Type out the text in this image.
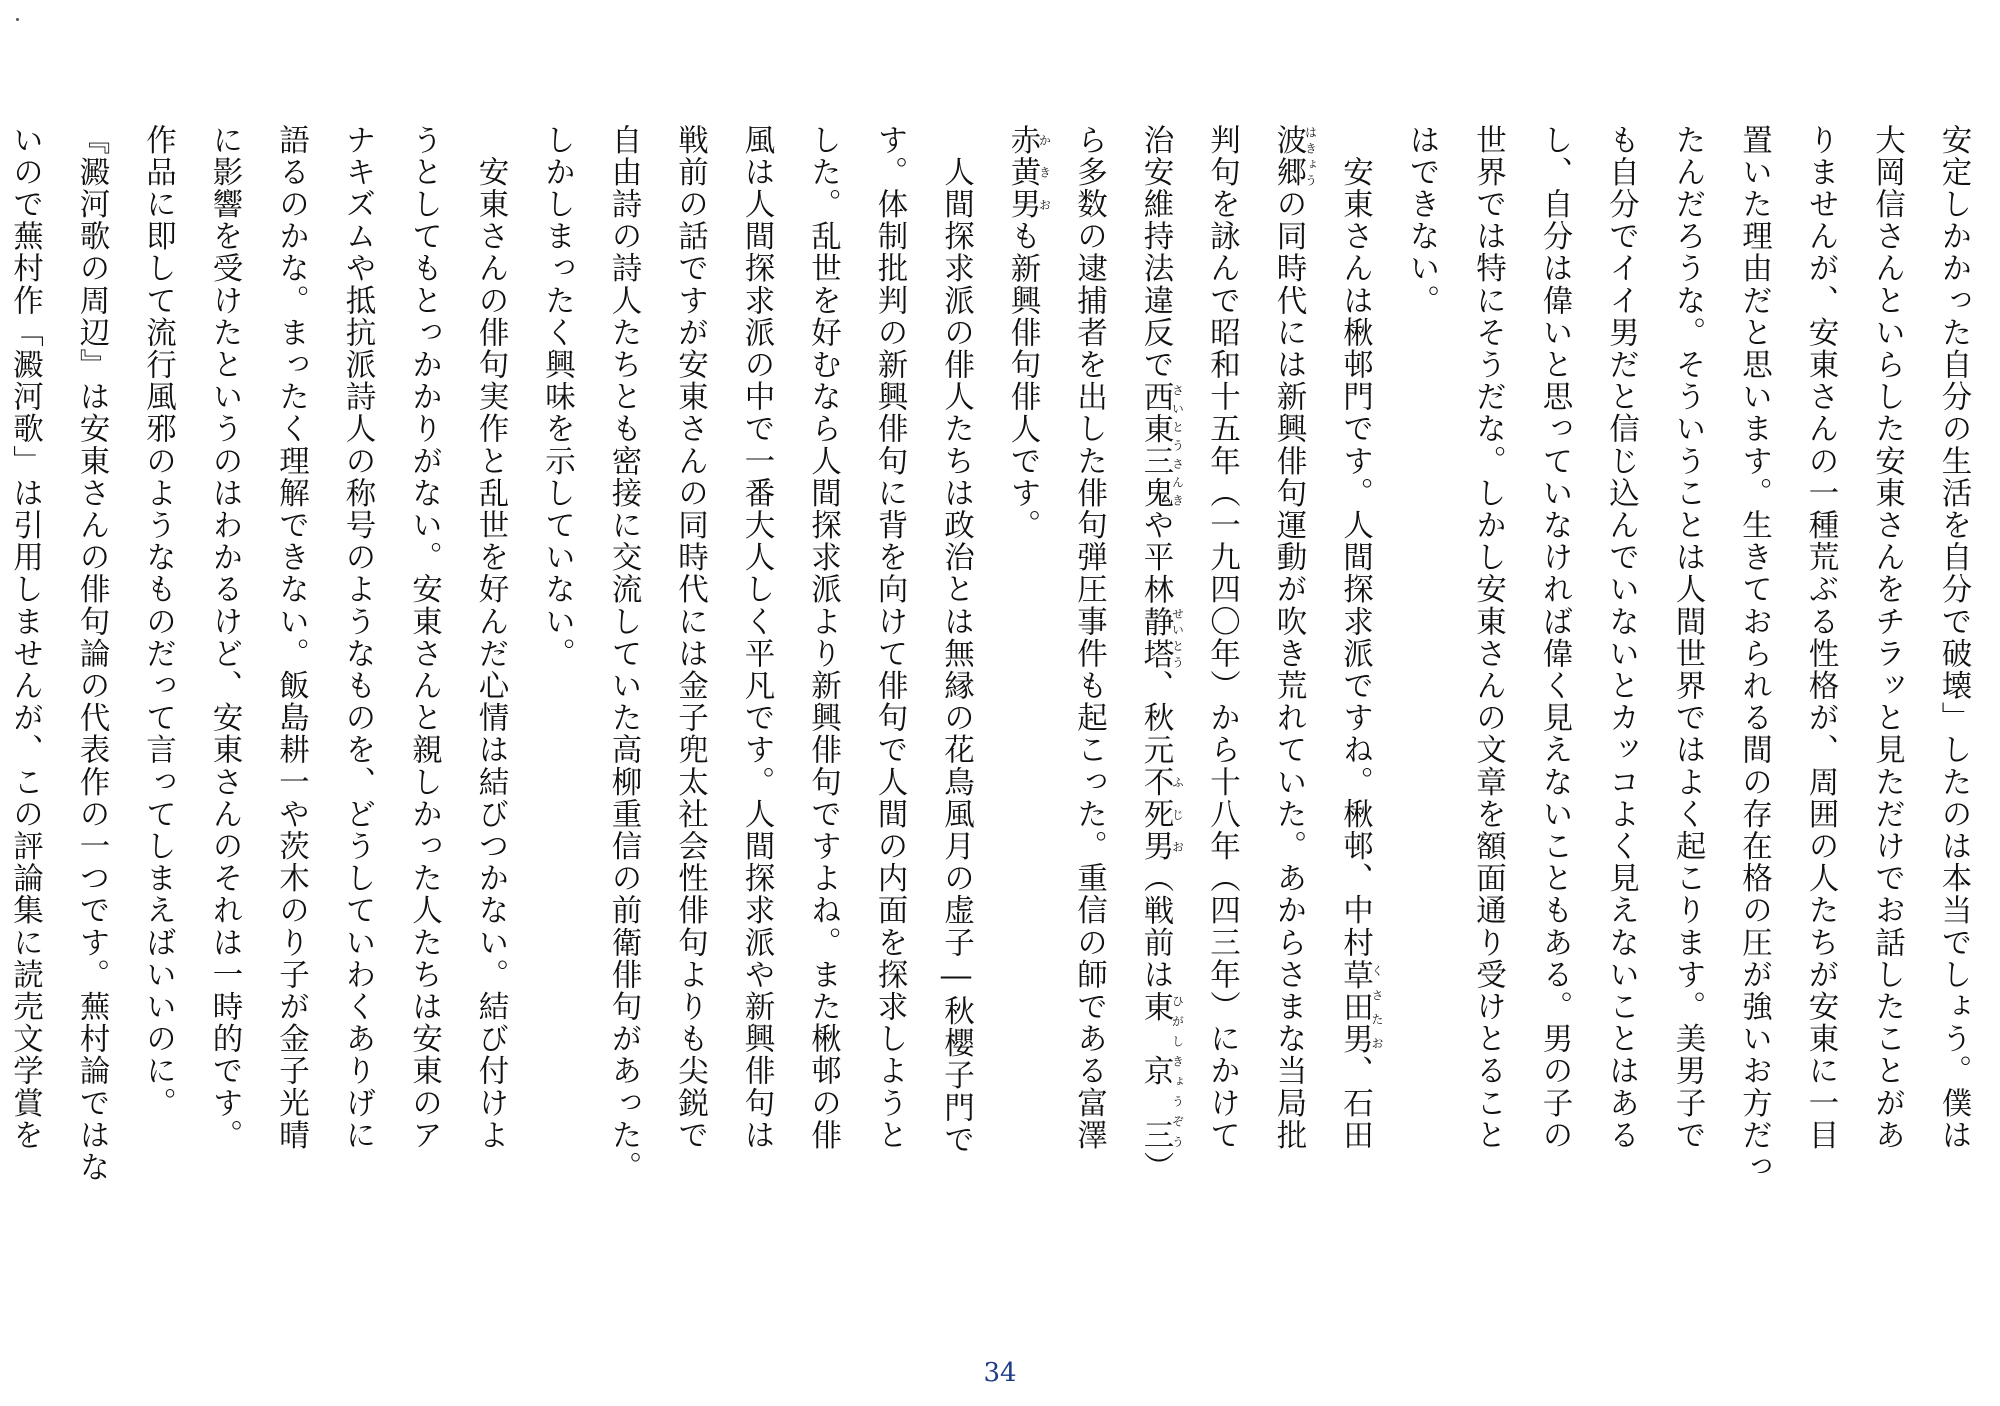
安定しかかった自分の生活を自分で破壊」したのは本当でしょう。僕は

大岡信さんといらした安東さんをチラッと見ただけでお話したことがあ

りませんが、安東さんの一種荒ぶる性格が、周囲の人たちが安東に一目

置いた理由だと思います。生きておられる間の存在格の圧が強いお方だっ

たんだろうな。そういうことは人間世界ではよく起こります。美男子で

も自分でイイ男だと信じ込んでいないとカッコよく見えないことはある

し、自分は偉いと思っていなければ偉く見えないこともある。男の子の

世界では特にそうだな。しかし安東さんの文章を額面通り受けとること

はできない。

　安東さんは楸邨門です。人間探求派ですね。楸邨、中村草田男くさたお、石田

波郷はきょうの同時代には新興俳句運動が吹き荒れていた。あからさまな当局批

判句を詠んで昭和十五年（一九四〇年）から十八年（四三年）にかけて

治安維持法違反で西東三鬼さいとうさんきや平林静塔せいとう、秋元不死男ふじお（戦前は東　京　三ひがしきょうぞう）

ら多数の逮捕者を出した俳句弾圧事件も起こった。重信の師である富澤

赤黄男かきおも新興俳句俳人です。

　人間探求派の俳人たちは政治とは無縁の花鳥風月の虚子―秋櫻子門で

す。体制批判の新興俳句に背を向けて俳句で人間の内面を探求しようと

した。乱世を好むなら人間探求派より新興俳句ですよね。また楸邨の俳

風は人間探求派の中で一番大人しく平凡です。人間探求派や新興俳句は

戦前の話ですが安東さんの同時代には金子兜太社会性俳句よりも尖鋭で

自由詩の詩人たちとも密接に交流していた高柳重信の前衛俳句があった。

しかしまったく興味を示していない。

　安東さんの俳句実作と乱世を好んだ心情は結びつかない。結び付けよ

うとしてもとっかかりがない。安東さんと親しかった人たちは安東のア

ナキズムや抵抗派詩人の称号のようなものを、どうしていわくありげに

語るのかな。まったく理解できない。飯島耕一や茨木のり子が金子光晴

に影響を受けたというのはわかるけど、安東さんのそれは一時的です。

作品に即して流行風邪のようなものだって言ってしまえばいいのに。

『澱河歌の周辺』は安東さんの俳句論の代表作の一つです。蕪村論ではな

いので蕪村作「澱河歌」は引用しませんが、この評論集に読売文学賞を

34
